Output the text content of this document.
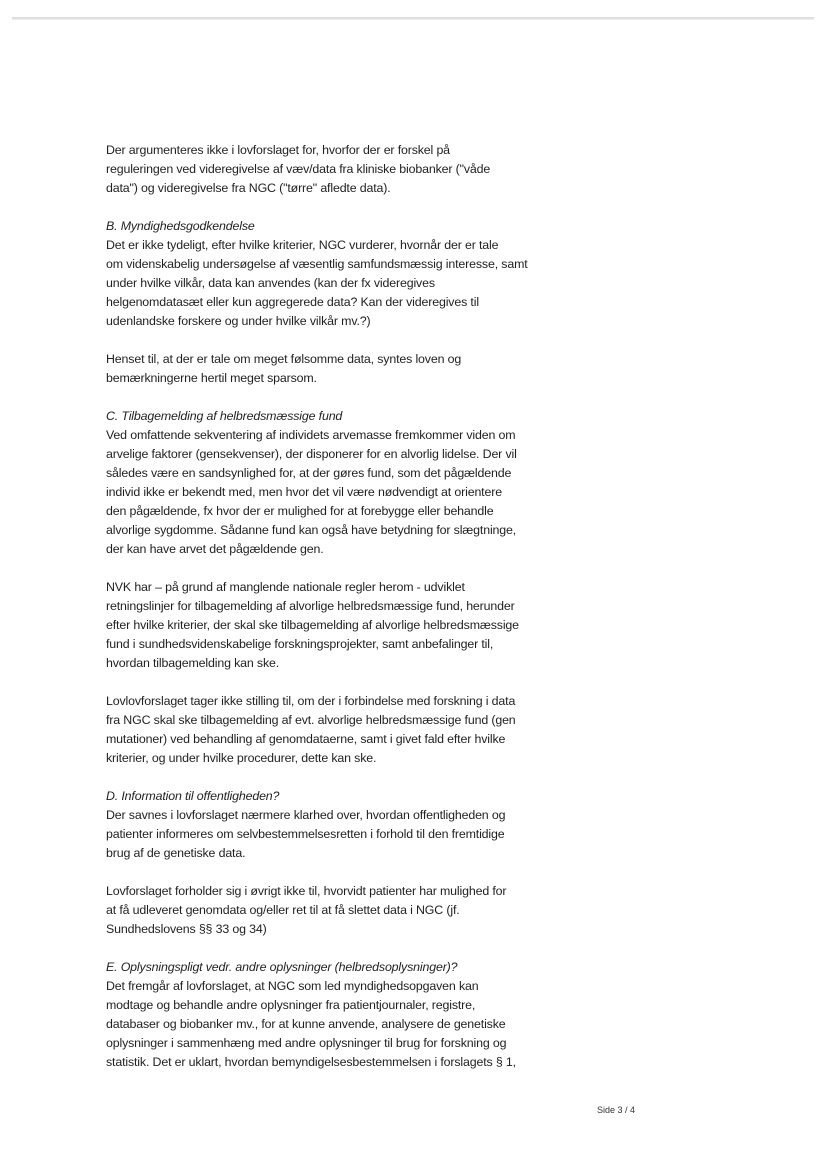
Der argumenteres ikke i lovforslaget for, hvorfor der er forskel på
reguleringen ved videregivelse af væv/data fra kliniske biobanker ("våde
data") og videregivelse fra NGC ("tørre" afledte data).

B. Myndighedsgodkendelse

Det er ikke tydeligt, efter hvilke kriterier, NGC vurderer, hvornår der er tale
om videnskabelig undersøgelse af væsentlig samfundsmæssig interesse, samt
under hvilke vilkår, data kan anvendes (kan der fx videregives
helgenomdatasæt eller kun aggregerede data? Kan der videregives til
udenlandske forskere og under hvilke vilkår mv.?)

Henset til, at der er tale om meget følsomme data, syntes loven og
bemærkningerne hertil meget sparsom.

C. Tilbagemelding af helbredsmæssige fund

Ved omfattende sekventering af individets arvemasse fremkommer viden om
arvelige faktorer (gensekvenser), der disponerer for en alvorlig lidelse. Der vil
således være en sandsynlighed for, at der gøres fund, som det pågældende
individ ikke er bekendt med, men hvor det vil være nødvendigt at orientere
den pågældende, fx hvor der er mulighed for at forebygge eller behandle
alvorlige sygdomme. Sådanne fund kan også have betydning for slægtninge,
der kan have arvet det pågældende gen.

NVK har – på grund af manglende nationale regler herom - udviklet
retningslinjer for tilbagemelding af alvorlige helbredsmæssige fund, herunder
efter hvilke kriterier, der skal ske tilbagemelding af alvorlige helbredsmæssige
fund i sundhedsvidenskabelige forskningsprojekter, samt anbefalinger til,
hvordan tilbagemelding kan ske.

Lovlovforslaget tager ikke stilling til, om der i forbindelse med forskning i data
fra NGC skal ske tilbagemelding af evt. alvorlige helbredsmæssige fund (gen
mutationer) ved behandling af genomdataerne, samt i givet fald efter hvilke
kriterier, og under hvilke procedurer, dette kan ske.

D. Information til offentligheden?

Der savnes i lovforslaget nærmere klarhed over, hvordan offentligheden og
patienter informeres om selvbestemmelsesretten i forhold til den fremtidige
brug af de genetiske data.

Lovforslaget forholder sig i øvrigt ikke til, hvorvidt patienter har mulighed for
at få udleveret genomdata og/eller ret til at få slettet data i NGC (jf.
Sundhedslovens §§ 33 og 34)

E. Oplysningspligt vedr. andre oplysninger (helbredsoplysninger)?

Det fremgår af lovforslaget, at NGC som led myndighedsopgaven kan
modtage og behandle andre oplysninger fra patientjournaler, registre,
databaser og biobanker mv., for at kunne anvende, analysere de genetiske
oplysninger i sammenhæng med andre oplysninger til brug for forskning og
statistik. Det er uklart, hvordan bemyndigelsesbestemmelsen i forslagets § 1,

Side 3 / 4
